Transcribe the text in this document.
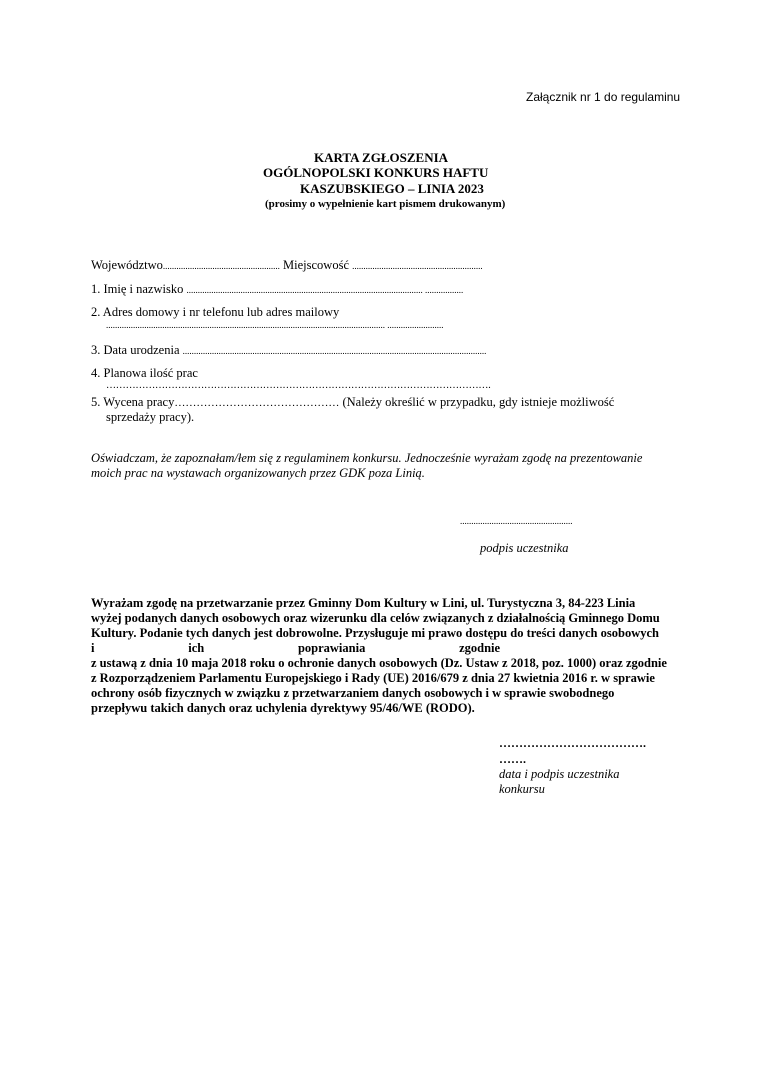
Załącznik nr 1 do regulaminu
KARTA ZGŁOSZENIA
OGÓLNOPOLSKI KONKURS HAFTU
KASZUBSKIEGO – LINIA 2023
(prosimy o wypełnienie kart pismem drukowanym)
Województwo.................................................... Miejscowość ..........................................................
1. Imię i nazwisko ......................................................................................................... .................
2. Adres domowy i nr telefonu lub adres mailowy
............................................................................................................................ .........................
3. Data urodzenia .......................................................................................................................................
4. Planowa ilość prac
……………………………………………………………………………………………………….
5. Wycena pracy……………………………………… (Należy określić w przypadku, gdy istnieje możliwość
sprzedaży pracy).
Oświadczam, że zapoznałam/łem się z regulaminem konkursu. Jednocześnie wyrażam zgodę na prezentowanie
moich prac na wystawach organizowanych przez GDK poza Linią.
..................................................
podpis uczestnika
Wyrażam zgodę na przetwarzanie przez Gminny Dom Kultury w Lini, ul. Turystyczna 3, 84-223 Linia
wyżej podanych danych osobowych oraz wizerunku dla celów związanych z działalnością Gminnego Domu
Kultury. Podanie tych danych jest dobrowolne. Przysługuje mi prawo dostępu do treści danych osobowych
i                              ich                              poprawiania                              zgodnie
z ustawą z dnia 10 maja 2018 roku o ochronie danych osobowych (Dz. Ustaw z 2018, poz. 1000) oraz zgodnie
z Rozporządzeniem Parlamentu Europejskiego i Rady (UE) 2016/679 z dnia 27 kwietnia 2016 r. w sprawie
ochrony osób fizycznych w związku z przetwarzaniem danych osobowych i w sprawie swobodnego
przepływu takich danych oraz uchylenia dyrektywy 95/46/WE (RODO).
……………………………….
…….
data i podpis uczestnika
konkursu
